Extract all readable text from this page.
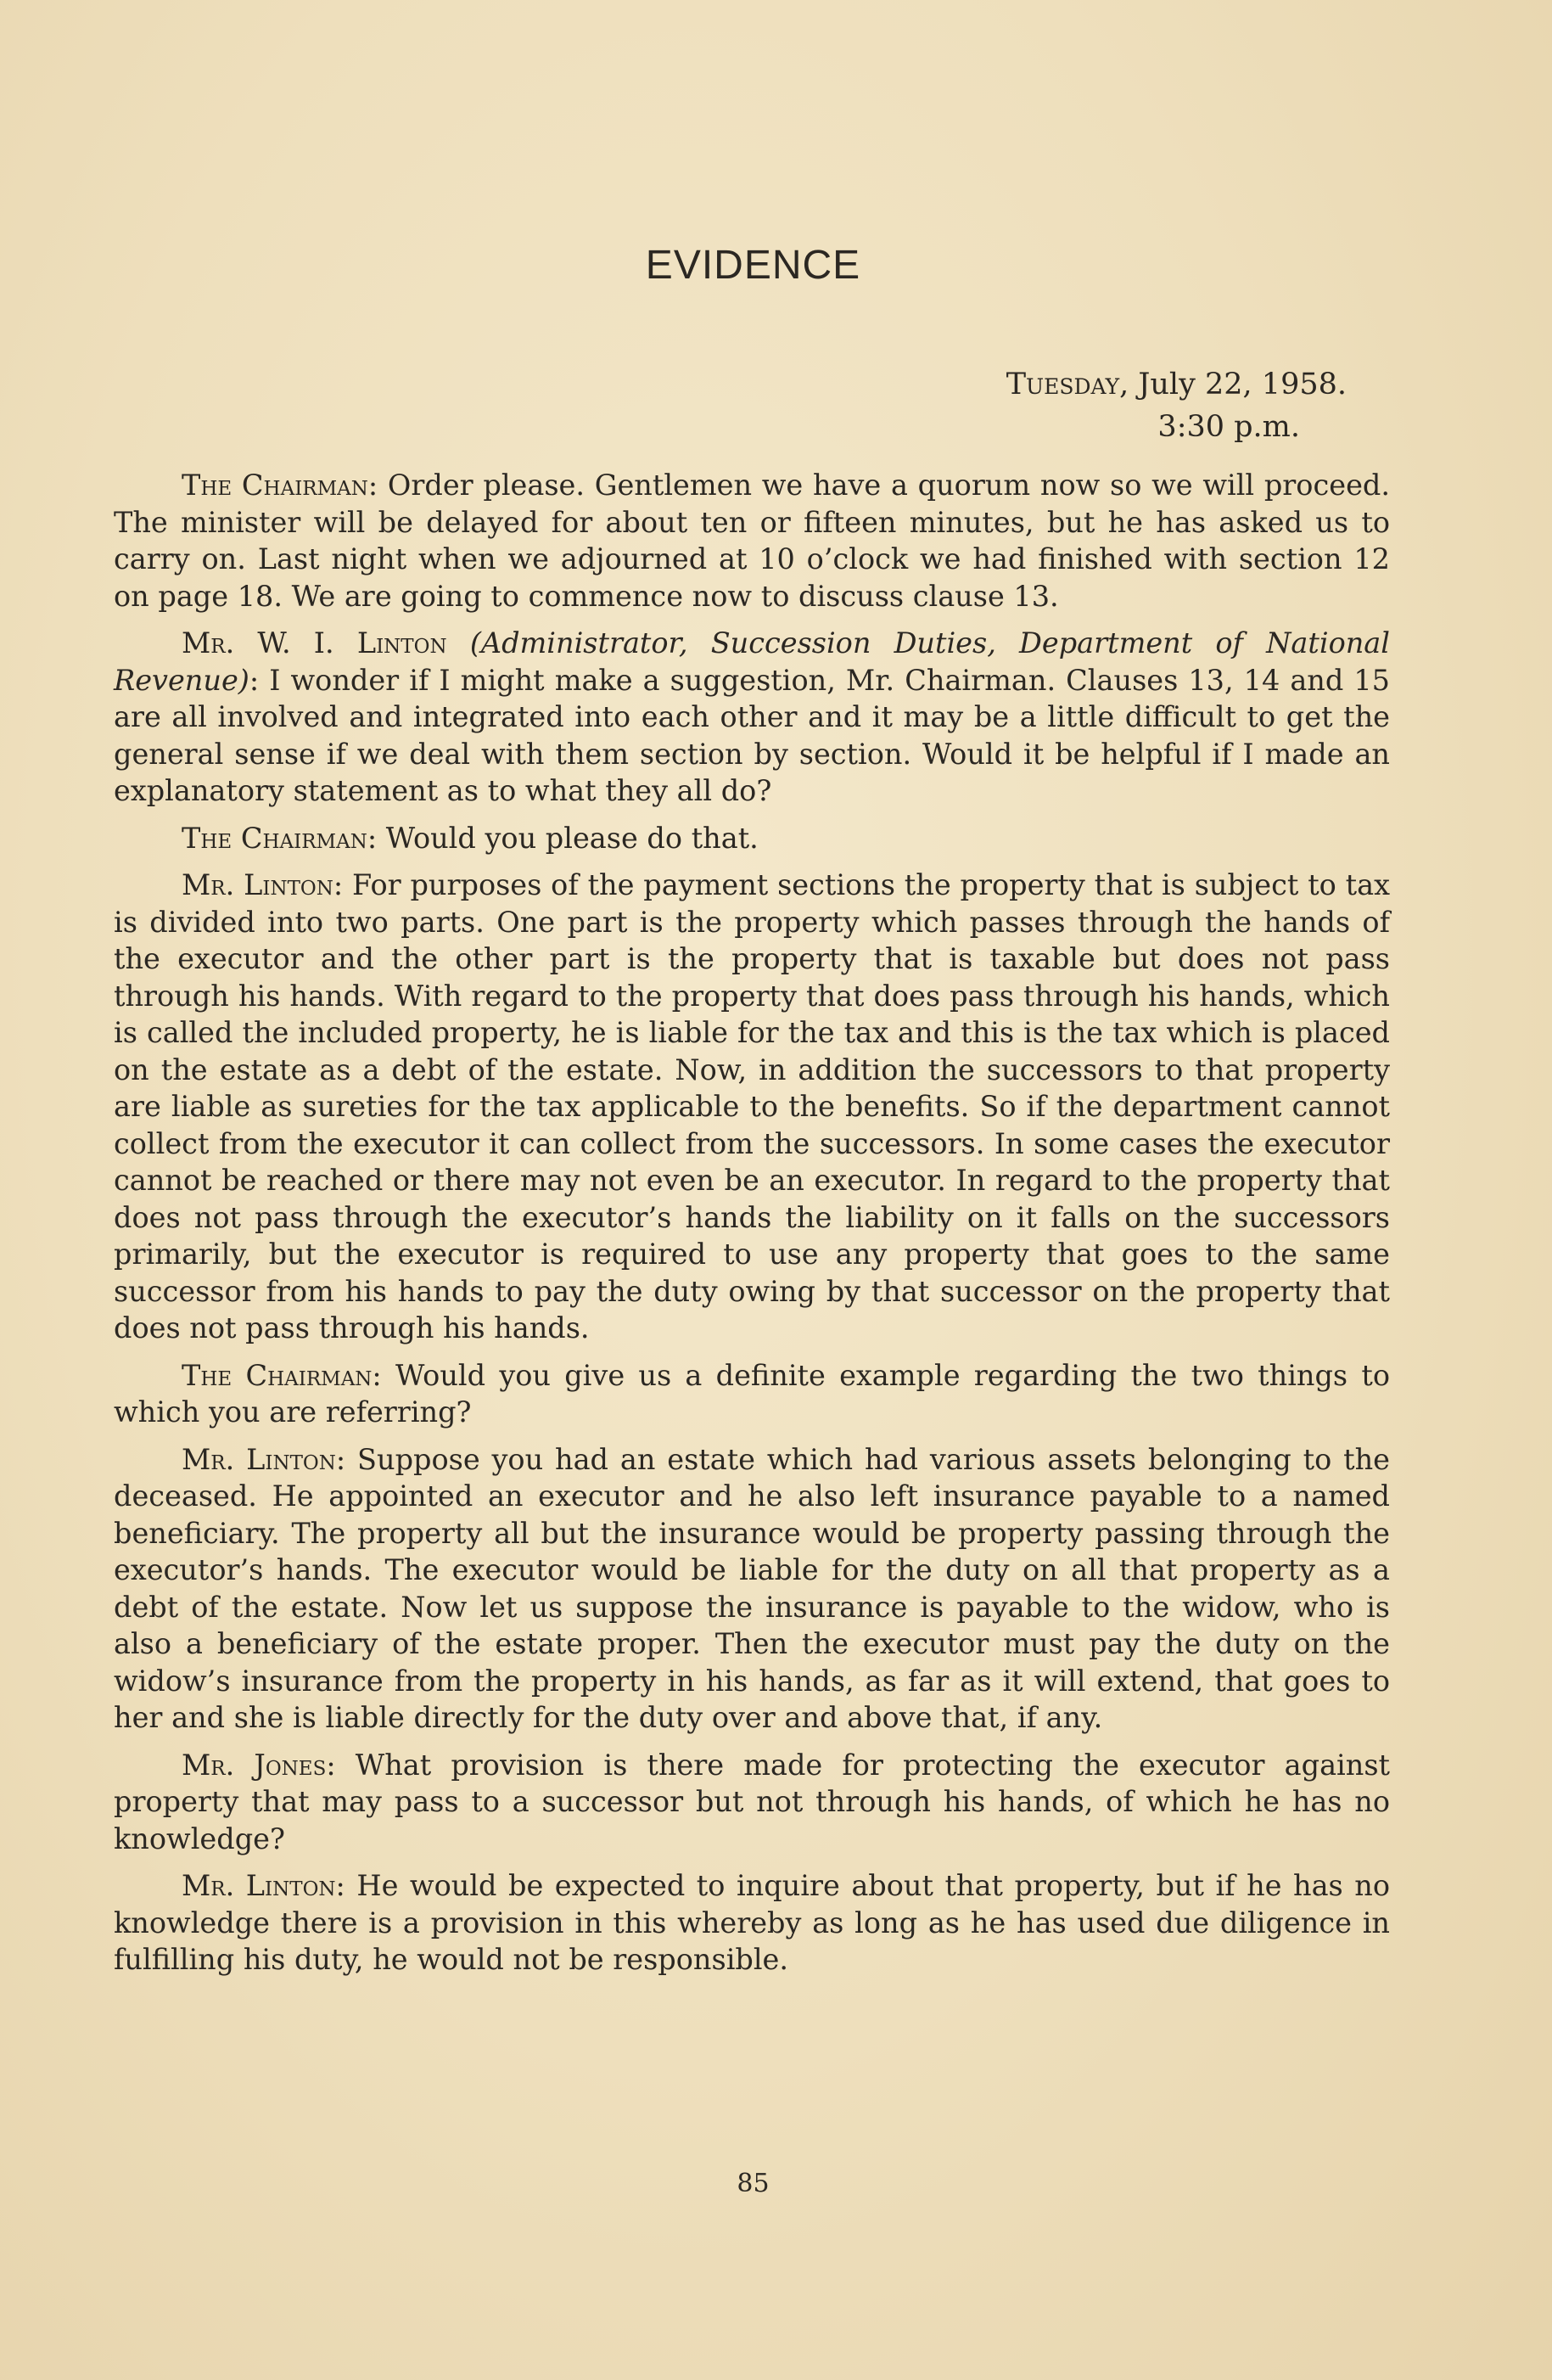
EVIDENCE
Tuesday, July 22, 1958.
3:30 p.m.

The Chairman: Order please. Gentlemen we have a quorum now so we will proceed. The minister will be delayed for about ten or fifteen minutes, but he has asked us to carry on. Last night when we adjourned at 10 o’clock we had finished with section 12 on page 18. We are going to commence now to discuss clause 13.

Mr. W. I. Linton (Administrator, Succession Duties, Department of National Revenue): I wonder if I might make a suggestion, Mr. Chairman. Clauses 13, 14 and 15 are all involved and integrated into each other and it may be a little difficult to get the general sense if we deal with them section by section. Would it be helpful if I made an explanatory statement as to what they all do?

The Chairman: Would you please do that.

Mr. Linton: For purposes of the payment sections the property that is subject to tax is divided into two parts. One part is the property which passes through the hands of the executor and the other part is the property that is taxable but does not pass through his hands. With regard to the property that does pass through his hands, which is called the included property, he is liable for the tax and this is the tax which is placed on the estate as a debt of the estate. Now, in addition the successors to that property are liable as sureties for the tax applicable to the benefits. So if the department cannot collect from the executor it can collect from the successors. In some cases the executor cannot be reached or there may not even be an executor. In regard to the property that does not pass through the executor’s hands the liability on it falls on the successors primarily, but the executor is required to use any property that goes to the same successor from his hands to pay the duty owing by that successor on the property that does not pass through his hands.

The Chairman: Would you give us a definite example regarding the two things to which you are referring?

Mr. Linton: Suppose you had an estate which had various assets belonging to the deceased. He appointed an executor and he also left insurance payable to a named beneficiary. The property all but the insurance would be property passing through the executor’s hands. The executor would be liable for the duty on all that property as a debt of the estate. Now let us suppose the insurance is payable to the widow, who is also a beneficiary of the estate proper. Then the executor must pay the duty on the widow’s insurance from the property in his hands, as far as it will extend, that goes to her and she is liable directly for the duty over and above that, if any.

Mr. Jones: What provision is there made for protecting the executor against property that may pass to a successor but not through his hands, of which he has no knowledge?

Mr. Linton: He would be expected to inquire about that property, but if he has no knowledge there is a provision in this whereby as long as he has used due diligence in fulfilling his duty, he would not be responsible.

85
